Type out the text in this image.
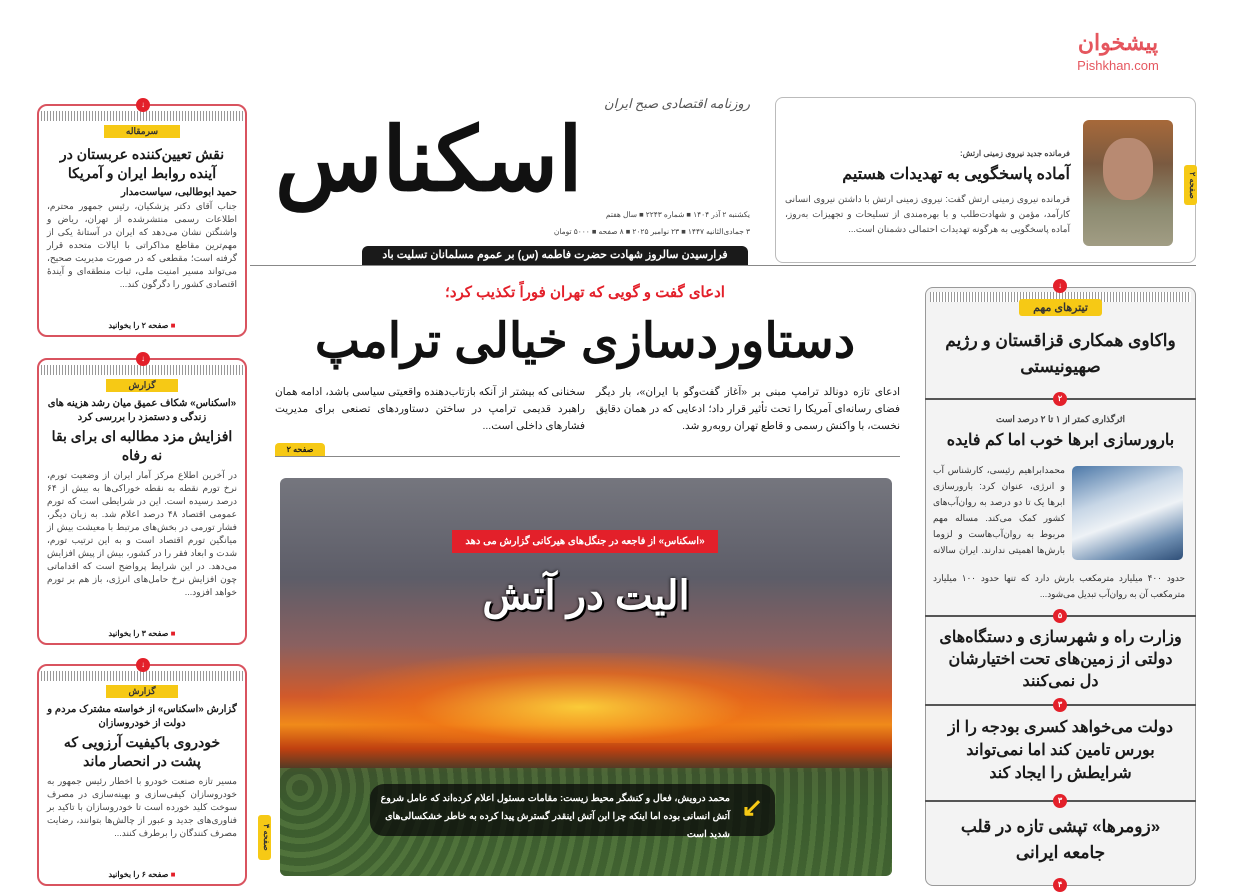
↓
سرمقاله
نقش تعیین‌کننده عربستان در آینده روابط ایران و آمریکا
حمید ابوطالبی، سیاست‌مدار
جناب آقای دکتر پزشکیان، رئیس جمهور محترم، اطلاعات رسمی منتشرشده از تهران، ریاض و واشنگتن نشان می‌دهد که ایران در آستانهٔ یکی از مهم‌ترین مقاطع مذاکراتی با ایالات متحده قرار گرفته است؛ مقطعی که در صورت مدیریت صحیح، می‌تواند مسیر امنیت ملی، ثبات منطقه‌ای و آیندهٔ اقتصادی کشور را دگرگون کند...
■ صفحه ۲ را بخوانید
↓
گزارش
«اسکناس» شکاف عمیق میان رشد هزینه های زندگی و دستمزد را بررسی کرد
افزایش مزد مطالبه ای برای بقا نه رفاه
در آخرین اطلاع مرکز آمار ایران از وضعیت تورم، نرخ تورم نقطه به نقطه خوراکی‌ها به بیش از ۶۴ درصد رسیده است. این در شرایطی است که تورم عمومی اقتصاد ۴۸ درصد اعلام شد. به زبان دیگر، فشار تورمی در بخش‌های مرتبط با معیشت بیش از میانگین تورم اقتصاد است و به این ترتیب تورم، شدت و ابعاد فقر را در کشور، بیش از پیش افزایش می‌دهد. در این شرایط پرواضح است که اقداماتی چون افزایش نرخ حامل‌های انرژی، باز هم بر تورم خواهد افزود...
■ صفحه ۳ را بخوانید
↓
گزارش
گزارش «اسکناس» از خواسته مشترک مردم و دولت از خودروسازان
خودروی باکیفیت آرزویی که پشت در انحصار ماند
مسیر تازه صنعت خودرو با اخطار رئیس جمهور به خودروسازان کیفی‌سازی و بهینه‌سازی در مصرف سوخت کلید خورده است تا خودروسازان با تاکید بر فناوری‌های جدید و عبور از چالش‌ها بتوانند، رضایت مصرف کنندگان را برطرف کنند...
■ صفحه ۶ را بخوانید
روزنامه اقتصادی صبح ایران
اسکناس
یکشنبه ۲ آذر ۱۴۰۴ ■ شماره ۲۲۴۳ ■ سال هفتم
۳ جمادی‌الثانیه ۱۴۴۷ ■ ۲۳ نوامبر ۲۰۲۵ ■ ۸ صفحه ■ ۵۰۰۰ تومان
فرارسیدن سالروز شهادت حضرت فاطمه (س) بر عموم مسلمانان تسلیت باد
فرمانده جدید نیروی زمینی ارتش:
آماده پاسخگویی به تهدیدات هستیم
فرمانده نیروی زمینی ارتش گفت: نیروی زمینی ارتش با داشتن نیروی انسانی کارآمد، مؤمن و شهادت‌طلب و با بهره‌مندی از تسلیحات و تجهیزات به‌روز، آماده پاسخگویی به هرگونه تهدیدات احتمالی دشمنان است...
صفحه ۲
ادعای گفت و گویی که تهران فوراً تکذیب کرد؛
دستاوردسازی خیالی ترامپ
ادعای تازه دونالد ترامپ مبنی بر «آغاز گفت‌وگو با ایران»، بار دیگر فضای رسانه‌ای آمریکا را تحت تأثیر قرار داد؛ ادعایی که در همان دقایق نخست، با واکنش رسمی و قاطع تهران روبه‌رو شد.
سخنانی که بیشتر از آنکه بازتاب‌دهنده واقعیتی سیاسی باشد، ادامه همان راهبرد قدیمی ترامپ در ساختن دستاوردهای تصنعی برای مدیریت فشارهای داخلی است...
صفحه ۲
«اسکناس» از فاجعه در جنگل‌های هیرکانی گزارش می دهد
الیت در آتش
↙
محمد درویش، فعال و کنشگر محیط زیست: مقامات مسئول اعلام کرده‌اند که عامل شروع آتش انسانی بوده اما اینکه چرا این آتش اینقدر گسترش پیدا کرده به خاطر خشکسالی‌های شدید است
صفحه ۴
↓
تیترهای مهم
واکاوی همکاری قزاقستان و رژیم صهیونیستی
۲
اثرگذاری کمتر از ۱ تا ۲ درصد است
بارورسازی ابرها خوب اما کم فایده
محمدابراهیم رئیسی، کارشناس آب و انرژی، عنوان کرد: بارورسازی ابرها یک تا دو درصد به روان‌آب‌های کشور کمک می‌کند. مساله مهم مربوط به روان‌آب‌هاست و لزوما بارش‌ها اهمیتی ندارند. ایران سالانه
حدود ۴۰۰ میلیارد مترمکعب بارش دارد که تنها حدود ۱۰۰ میلیارد مترمکعب آن به روان‌آب تبدیل می‌شود...
۵
وزارت راه و شهرسازی و دستگاه‌های دولتی از زمین‌های تحت اختیارشان دل نمی‌کنند
۳
دولت می‌خواهد کسری بودجه را از بورس تامین کند اما نمی‌تواند شرایطش را ایجاد کند
۳
«زومرها» تپشی تازه در قلب جامعه ایرانی
۴
پیشخوان
Pishkhan.com
